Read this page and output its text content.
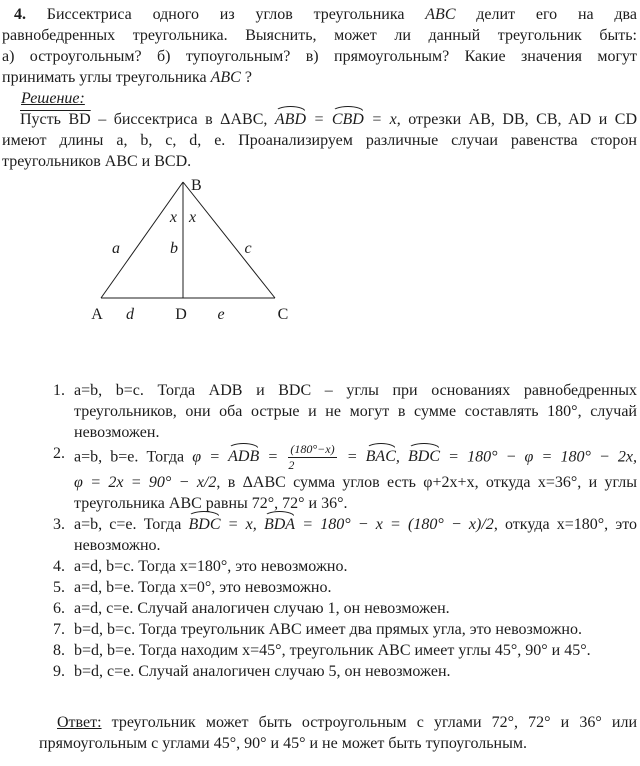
4. Биссектриса одного из углов треугольника ABC делит его на два
равнобедренных треугольника. Выяснить, может ли данный треугольник быть:
а) остроугольным? б) тупоугольным? в) прямоугольным? Какие значения могут
принимать углы треугольника ABC ?

Решение:

Пусть BD – биссектриса в ΔABC, ABD = CBD = x, отрезки AB, DB, CB, AD и CD
имеют длины a, b, c, d, e. Проанализируем различные случаи равенства сторон
треугольников ABC и BCD.

B
x x
a	b	c
A d	D e	C
1. a=b, b=c. Тогда ADB и BDC – углы при основаниях равнобедренных
треугольников, они оба острые и не могут в сумме составлять 180°, случай
невозможен.
2. a=b, b=e. Тогда φ = ADB = $\frac{(180^\circ-x)}{2}$ = BAC, BDC = 180° − φ = 180° − 2x,
φ = 2x = 90° − x/2, в ΔABC сумма углов есть φ+2x+x, откуда x=36°, и углы
треугольника ABC равны 72°, 72° и 36°.
3. a=b, c=e. Тогда BDC = x, BDA = 180° − x = (180° − x)/2, откуда x=180°, это
невозможно.
4. a=d, b=c. Тогда x=180°, это невозможно.
5. a=d, b=e. Тогда x=0°, это невозможно.
6. a=d, c=e. Случай аналогичен случаю 1, он невозможен.
7. b=d, b=c. Тогда треугольник ABC имеет два прямых угла, это невозможно.
8. b=d, b=e. Тогда находим x=45°, треугольник ABC имеет углы 45°, 90° и 45°.
9. b=d, c=e. Случай аналогичен случаю 5, он невозможен.

Ответ: треугольник может быть остроугольным с углами 72°, 72° и 36° или
прямоугольным с углами 45°, 90° и 45° и не может быть тупоугольным.
